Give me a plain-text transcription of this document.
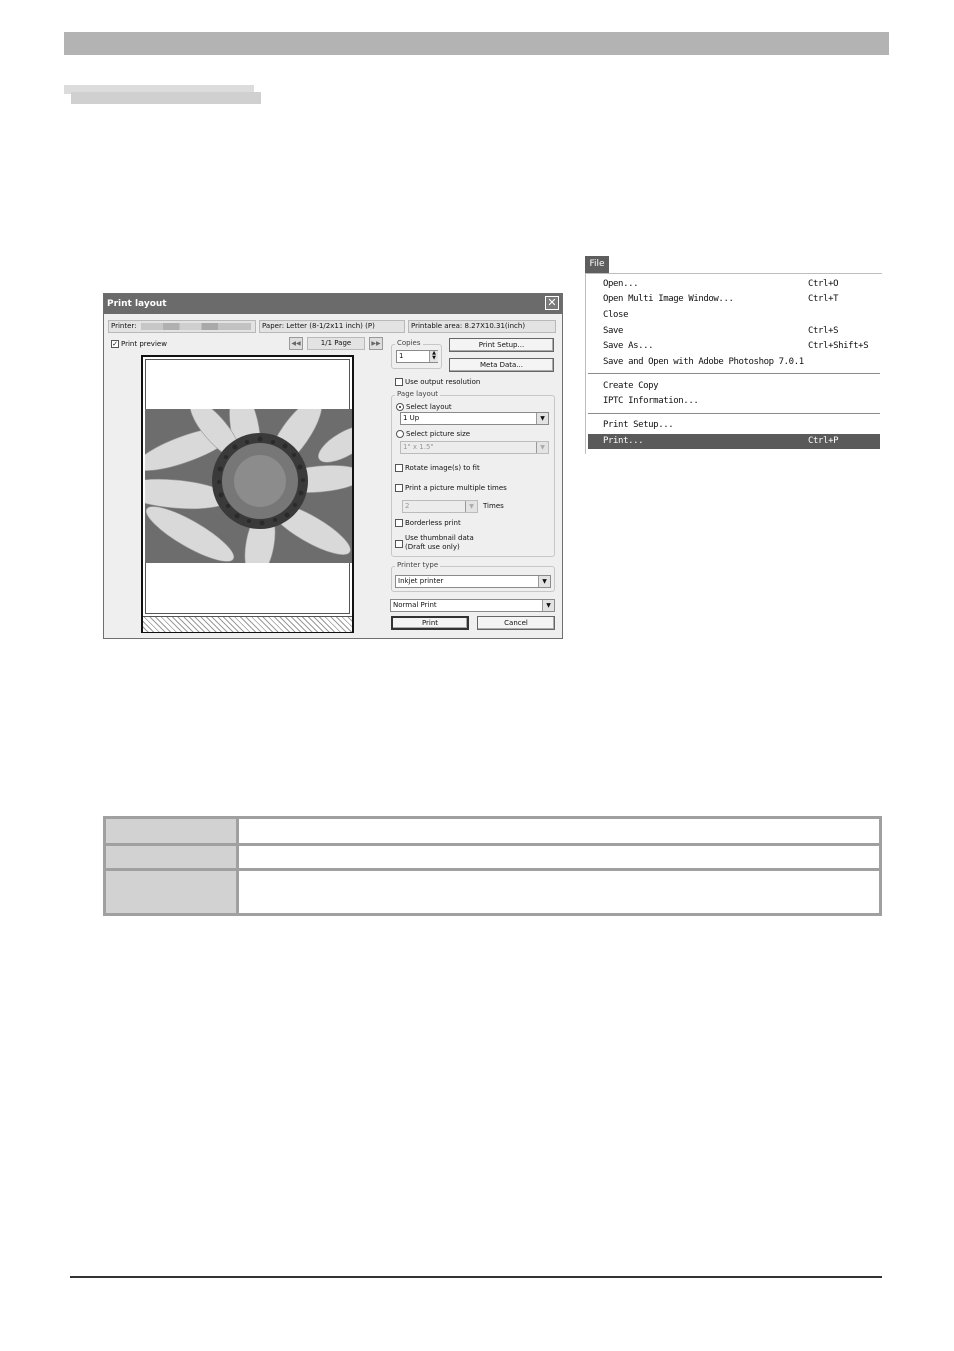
Print layout	✕
Printer:	Paper: Letter (8-1/2x11 inch) (P)	Printable area: 8.27X10.31(inch)
✓ Print preview	◀◀	1/1 Page	▶▶	Copies
1	▲
▼
Print Setup...
Meta Data...
Use output resolution
Page layout
Select layout
1 Up	▼
Select picture size
1" x 1.5"	▼
Rotate image(s) to fit
Print a picture multiple times
2	▼	Times
Borderless print
Use thumbnail data
(Draft use only)
Printer type
Inkjet printer	▼
Normal Print	▼
Print	Cancel
File
Open...	Ctrl+O
Open Multi Image Window...	Ctrl+T
Close
Save	Ctrl+S
Save As...	Ctrl+Shift+S
Save and Open with Adobe Photoshop 7.0.1
Create Copy
IPTC Information...
Print Setup...
Print...	Ctrl+P
